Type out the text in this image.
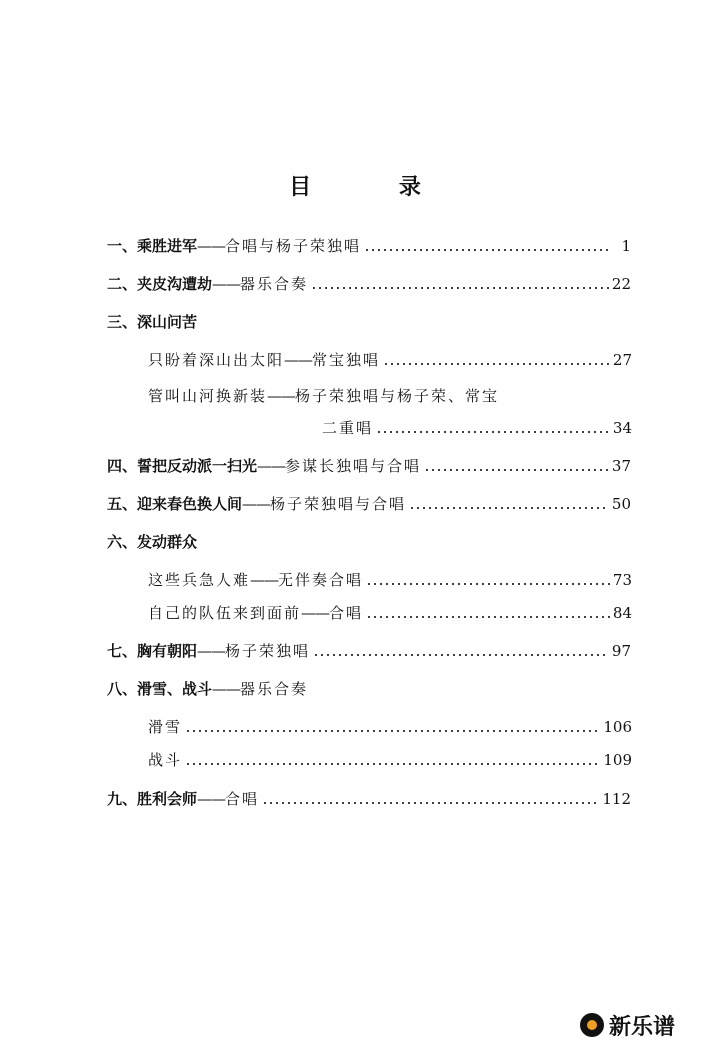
目 录
一、 乘胜进军 —— 合唱与杨子荣独唱	1
二、 夹皮沟遭劫 —— 器乐合奏	22
三、 深山问苦
只盼着深山出太阳 —— 常宝独唱	27
管叫山河换新装 —— 杨子荣独唱与杨子荣、常宝
二重唱	34
四、 誓把反动派一扫光 —— 参谋长独唱与合唱	37
五、 迎来春色换人间 —— 杨子荣独唱与合唱	50
六、 发动群众
这些兵急人难 —— 无伴奏合唱	73
自己的队伍来到面前 —— 合唱	84
七、 胸有朝阳 —— 杨子荣独唱	97
八、 滑雪、战斗 —— 器乐合奏
滑雪	106
战斗	109
九、 胜利会师 —— 合唱	112
新乐谱
